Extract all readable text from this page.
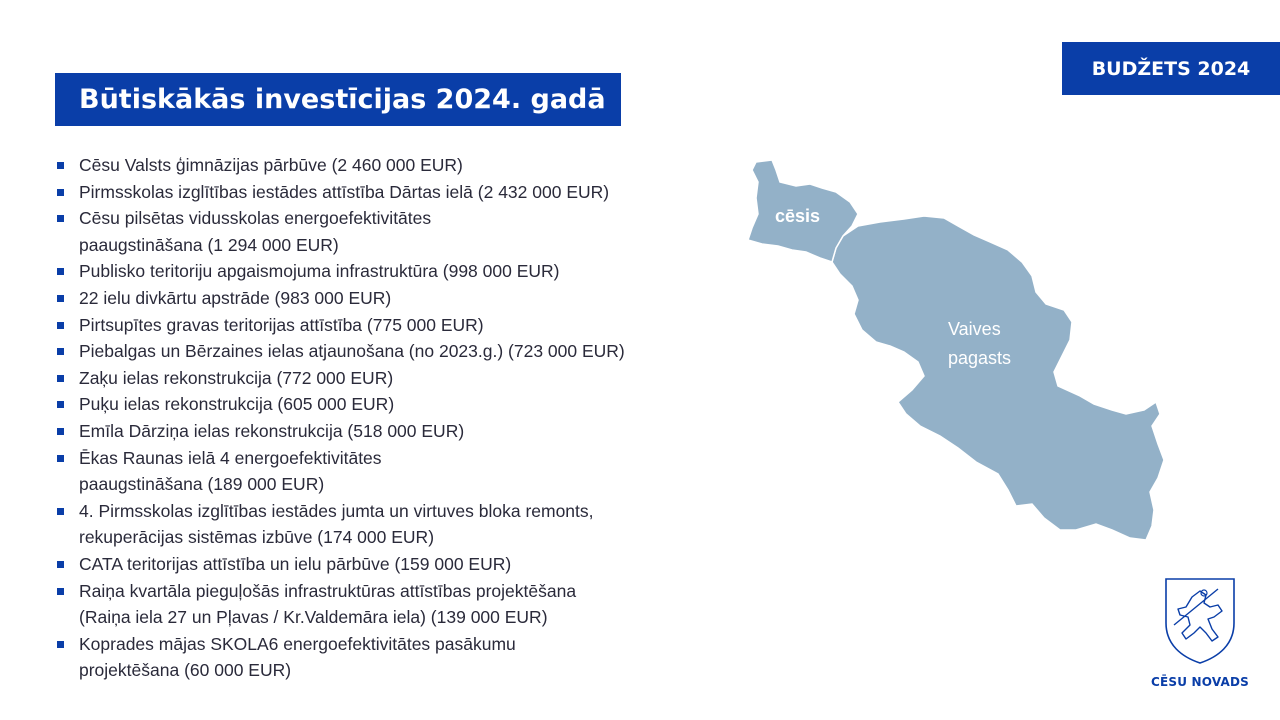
BUDŽETS 2024
Būtiskākās investīcijas 2024. gadā
Cēsu Valsts ģimnāzijas pārbūve (2 460 000 EUR)
Pirmsskolas izglītības iestādes attīstība Dārtas ielā (2 432 000 EUR)
Cēsu pilsētas vidusskolas energoefektivitātes
paaugstināšana (1 294 000 EUR)
Publisko teritoriju apgaismojuma infrastruktūra (998 000 EUR)
22 ielu divkārtu apstrāde (983 000 EUR)
Pirtsupītes gravas teritorijas attīstība (775 000 EUR)
Piebalgas un Bērzaines ielas atjaunošana (no 2023.g.) (723 000 EUR)
Zaķu ielas rekonstrukcija (772 000 EUR)
Puķu ielas rekonstrukcija (605 000 EUR)
Emīla Dārziņa ielas rekonstrukcija (518 000 EUR)
Ēkas Raunas ielā 4 energoefektivitātes
paaugstināšana (189 000 EUR)
4. Pirmsskolas izglītības iestādes jumta un virtuves bloka remonts,
rekuperācijas sistēmas izbūve (174 000 EUR)
CATA teritorijas attīstība un ielu pārbūve (159 000 EUR)
Raiņa kvartāla pieguļošās infrastruktūras attīstības projektēšana
(Raiņa iela 27 un Pļavas / Kr.Valdemāra iela) (139 000 EUR)
Koprades mājas SKOLA6 energoefektivitātes pasākumu
projektēšana (60 000 EUR)
cēsis
Vaives
pagasts
CĒSU NOVADS
